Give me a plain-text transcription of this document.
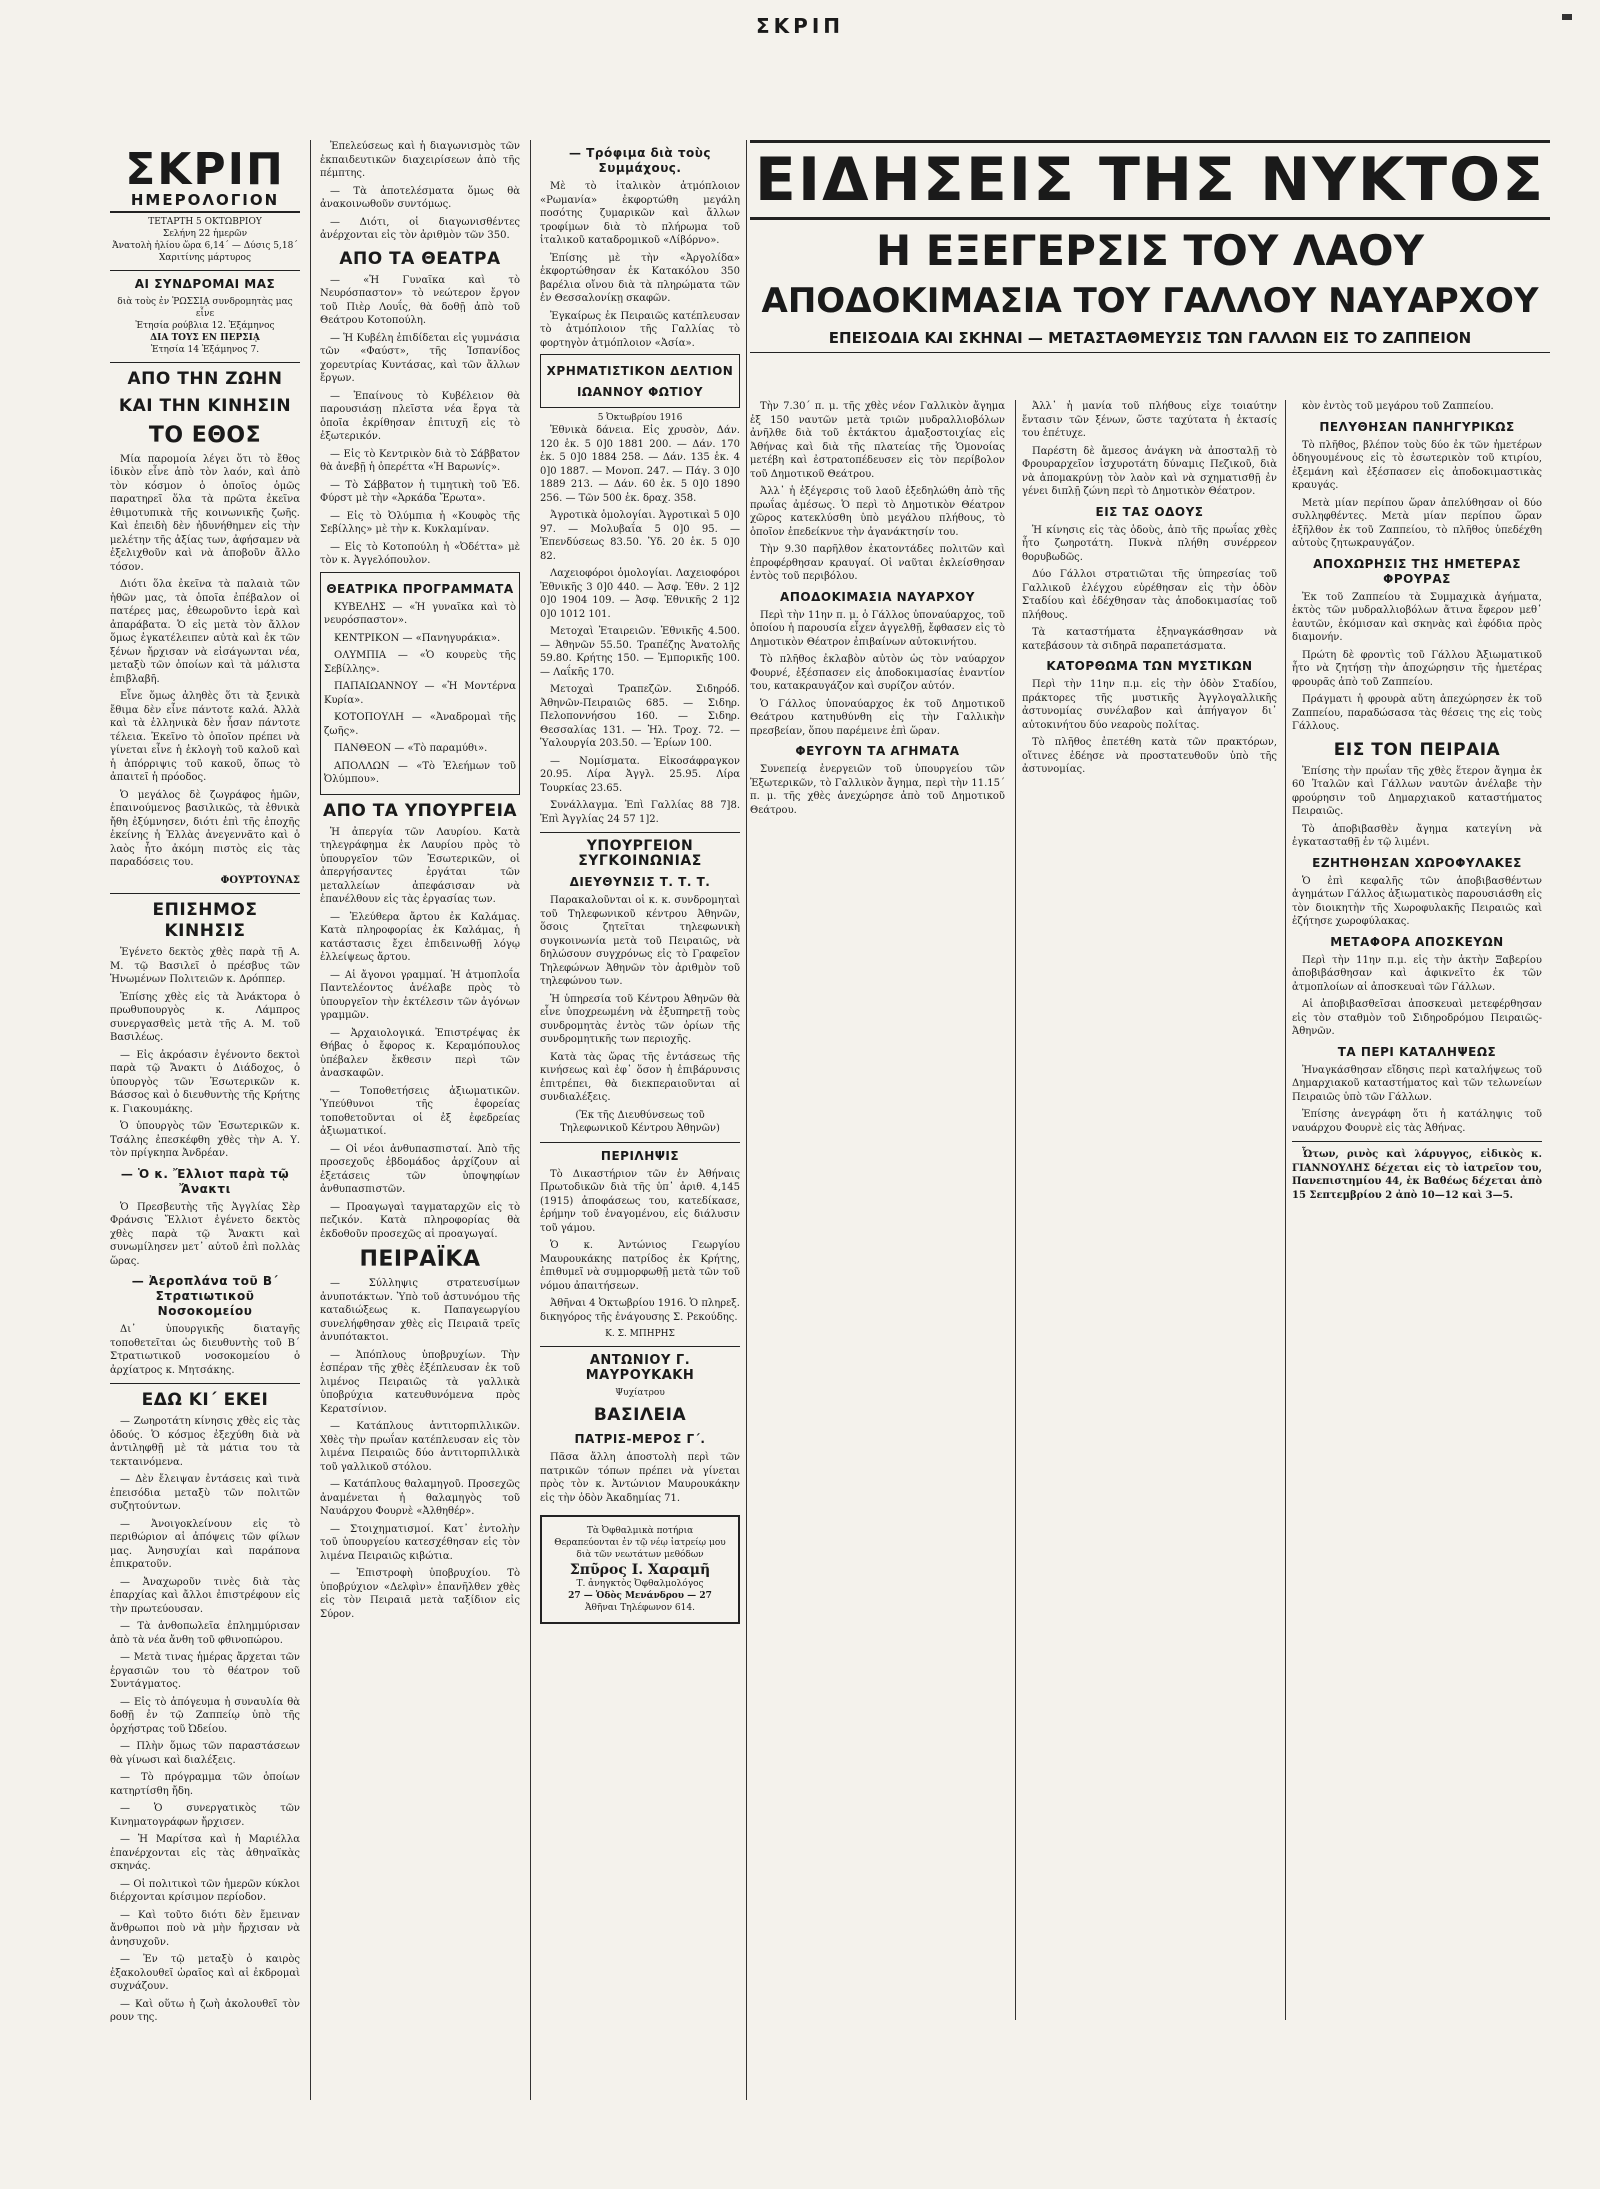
ΣΚΡΙΠ
ΣΚΡΙΠ
ΗΜΕΡΟΛΟΓΙΟΝ
ΤΕΤΑΡΤΗ 5 ΟΚΤΩΒΡΙΟΥ
Σελήνη 22 ἡμερῶν
Ἀνατολὴ ἡλίου ὥρα 6,14΄ — Δύσις 5,18΄
Χαριτίνης μάρτυρος
ΑΙ ΣΥΝΔΡΟΜΑΙ ΜΑΣ
διὰ τοὺς ἐν ῬΩΣΣΙᾼ συνδρομητὰς μας εἶνε
Ἐτησία ρούβλια 12. Ἑξάμηνος
ΔΙΑ ΤΟΥΣ ΕΝ ΠΕΡΣΙᾼ
Ἐτησία 14 Ἑξάμηνος 7.
ΑΠΟ ΤΗΝ ΖΩΗΝ
ΚΑΙ ΤΗΝ ΚΙΝΗΣΙΝ
ΤΟ ΕΘΟΣ

Μία παρομοία λέγει ὅτι τὸ ἔθος ἰδικὸν εἶνε ἀπὸ τὸν λαόν, καὶ ἀπὸ τὸν κόσμον ὁ ὁποῖος ὁμῶς παρατηρεῖ ὅλα τὰ πρῶτα ἐκεῖνα ἐθιμοτυπικὰ τῆς κοινωνικῆς ζωῆς. Καὶ ἐπειδὴ δὲν ἠδυνήθημεν εἰς τὴν μελέτην τῆς ἀξίας των, ἀφήσαμεν νὰ ἐξελιχθοῦν καὶ νὰ ἀποβοῦν ἄλλο τόσον.

Διότι ὅλα ἐκεῖνα τὰ παλαιὰ τῶν ἡθῶν μας, τὰ ὁποῖα ἐπέβαλον οἱ πατέρες μας, ἐθεωροῦντο ἱερὰ καὶ ἀπαράβατα. Ὁ εἰς μετὰ τὸν ἄλλον ὅμως ἐγκατέλειπεν αὐτὰ καὶ ἐκ τῶν ξένων ἤρχισαν νὰ εἰσάγωνται νέα, μεταξὺ τῶν ὁποίων καὶ τὰ μάλιστα ἐπιβλαβῆ.

Εἶνε ὅμως ἀληθὲς ὅτι τὰ ξενικὰ ἔθιμα δὲν εἶνε πάντοτε καλά. Ἀλλὰ καὶ τὰ ἐλληνικὰ δὲν ἦσαν πάντοτε τέλεια. Ἐκεῖνο τὸ ὁποῖον πρέπει νὰ γίνεται εἶνε ἡ ἐκλογὴ τοῦ καλοῦ καὶ ἡ ἀπόρριψις τοῦ κακοῦ, ὅπως τὸ ἀπαιτεῖ ἡ πρόοδος.

Ὁ μεγάλος δὲ ζωγράφος ἡμῶν, ἐπαινούμενος βασιλικῶς, τὰ ἐθνικὰ ἤθη ἐξύμνησεν, διότι ἐπὶ τῆς ἐποχῆς ἐκείνης ἡ Ἑλλὰς ἀνεγεννᾶτο καὶ ὁ λαὸς ἦτο ἀκόμη πιστὸς εἰς τὰς παραδόσεις του.

ΦΟΥΡΤΟΥΝΑΣ
ΕΠΙΣΗΜΟΣ ΚΙΝΗΣΙΣ

Ἐγένετο δεκτὸς χθὲς παρὰ τῇ Α. Μ. τῷ Βασιλεῖ ὁ πρέσβυς τῶν Ἡνωμένων Πολιτειῶν κ. Δρόππερ.

Ἐπίσης χθὲς εἰς τὰ Ἀνάκτορα ὁ πρωθυπουργὸς κ. Λάμπρος συνεργασθεὶς μετὰ τῆς Α. Μ. τοῦ Βασιλέως.

— Εἰς ἀκρόασιν ἐγένοντο δεκτοὶ παρὰ τῷ Ἄνακτι ὁ Διάδοχος, ὁ ὑπουργὸς τῶν Ἐσωτερικῶν κ. Βάσσος καὶ ὁ διευθυντὴς τῆς Κρήτης κ. Γιακουμάκης.

Ὁ ὑπουργὸς τῶν Ἐσωτερικῶν κ. Τσάλης ἐπεσκέφθη χθὲς τὴν Α. Υ. τὸν πρίγκηπα Ἀνδρέαν.

— Ὁ κ. Ἔλλιοτ παρὰ τῷ Ἄνακτι

Ὁ Πρεσβευτὴς τῆς Ἀγγλίας Σὲρ Φράνσις Ἔλλιοτ ἐγένετο δεκτὸς χθὲς παρὰ τῷ Ἄνακτι καὶ συνωμίλησεν μετ᾽ αὐτοῦ ἐπὶ πολλὰς ὥρας.

— Ἀεροπλάνα τοῦ Β΄ Στρατιωτικοῦ Νοσοκομείου

Δι᾽ ὑπουργικῆς διαταγῆς τοποθετεῖται ὡς διευθυντὴς τοῦ Β΄ Στρατιωτικοῦ νοσοκομείου ὁ ἀρχίατρος κ. Μητσάκης.

ΕΔΩ ΚΙ΄ ΕΚΕΙ

— Ζωηροτάτη κίνησις χθὲς εἰς τὰς ὁδούς. Ὁ κόσμος ἐξεχύθη διὰ νὰ ἀντιληφθῇ μὲ τὰ μάτια του τὰ τεκταινόμενα.

— Δὲν ἔλειψαν ἐντάσεις καὶ τινὰ ἐπεισόδια μεταξὺ τῶν πολιτῶν συζητούντων.

— Ἀνοιγοκλείνουν εἰς τὸ περιθώριον αἱ ἀπόψεις τῶν φίλων μας. Ἀνησυχίαι καὶ παράπονα ἐπικρατοῦν.

— Ἀναχωροῦν τινὲς διὰ τὰς ἐπαρχίας καὶ ἄλλοι ἐπιστρέφουν εἰς τὴν πρωτεύουσαν.

— Τὰ ἀνθοπωλεῖα ἐπλημμύρισαν ἀπὸ τὰ νέα ἄνθη τοῦ φθινοπώρου.

— Μετὰ τινας ἡμέρας ἄρχεται τῶν ἐργασιῶν του τὸ θέατρον τοῦ Συντάγματος.

— Εἰς τὸ ἀπόγευμα ἡ συναυλία θὰ δοθῇ ἐν τῷ Ζαππείῳ ὑπὸ τῆς ὀρχήστρας τοῦ Ὠδείου.

— Πλὴν ὅμως τῶν παραστάσεων θὰ γίνωσι καὶ διαλέξεις.

— Τὸ πρόγραμμα τῶν ὁποίων κατηρτίσθη ἤδη.

— Ὁ συνεργατικὸς τῶν Κινηματογράφων ἤρχισεν.

— Ἡ Μαρίτσα καὶ ἡ Μαριέλλα ἐπανέρχονται εἰς τὰς ἀθηναϊκὰς σκηνάς.

— Οἱ πολιτικοὶ τῶν ἡμερῶν κύκλοι διέρχονται κρίσιμον περίοδον.

— Καὶ τοῦτο διότι δὲν ἔμειναν ἄνθρωποι ποὺ νὰ μὴν ἤρχισαν νὰ ἀνησυχοῦν.

— Ἐν τῷ μεταξὺ ὁ καιρὸς ἐξακολουθεῖ ὡραῖος καὶ αἱ ἐκδρομαὶ συχνάζουν.

— Καὶ οὕτω ἡ ζωὴ ἀκολουθεῖ τὸν ρουν της.

Ἐπελεύσεως καὶ ἡ διαγωνισμὸς τῶν ἐκπαιδευτικῶν διαχειρίσεων ἀπὸ τῆς πέμπτης.

— Τὰ ἀποτελέσματα ὅμως θὰ ἀνακοινωθοῦν συντόμως.

— Διότι, οἱ διαγωνισθέντες ἀνέρχονται εἰς τὸν ἀριθμὸν τῶν 350.

ΑΠΟ ΤΑ ΘΕΑΤΡΑ

— «Ἡ Γυναῖκα καὶ τὸ Νευρόσπαστον» τὸ νεώτερον ἔργον τοῦ Πιὲρ Λουΐς, θὰ δοθῇ ἀπὸ τοῦ Θεάτρου Κοτοπούλη.

— Ἡ Κυβέλη ἐπιδίδεται εἰς γυμνάσια τῶν «Φαύστ», τῆς Ἰσπανίδος χορευτρίας Κυντάσας, καὶ τῶν ἄλλων ἔργων.

— Ἐπαίνους τὸ Κυβέλειον θὰ παρουσιάσῃ πλεῖστα νέα ἔργα τὰ ὁποῖα ἐκρίθησαν ἐπιτυχῆ εἰς τὸ ἐξωτερικόν.

— Εἰς τὸ Κεντρικὸν διὰ τὸ Σάββατον θὰ ἀνεβῇ ἡ ὀπερέττα «Ἡ Βαρωνίς».

— Τὸ Σάββατον ἡ τιμητικὴ τοῦ Ἐδ. Φύρστ μὲ τὴν «Ἀρκάδα Ἔρωτα».

— Εἰς τὸ Ὀλύμπια ἡ «Κουφὸς τῆς Σεβίλλης» μὲ τὴν κ. Κυκλαμίναν.

— Εἰς τὸ Κοτοπούλη ἡ «Ὀδέττα» μὲ τὸν κ. Ἀγγελόπουλον.

ΘΕΑΤΡΙΚΑ ΠΡΟΓΡΑΜΜΑΤΑ

ΚΥΒΕΛΗΣ — «Ἡ γυναῖκα καὶ τὸ νευρόσπαστον».

ΚΕΝΤΡΙΚΟΝ — «Πανηγυράκια».

ΟΛΥΜΠΙΑ — «Ὁ κουρεὺς τῆς Σεβίλλης».

ΠΑΠΑΙΩΑΝΝΟΥ — «Ἡ Μοντέρνα Κυρία».

ΚΟΤΟΠΟΥΛΗ — «Ἀναδρομαὶ τῆς ζωῆς».

ΠΑΝΘΕΟΝ — «Τὸ παραμύθι».

ΑΠΟΛΛΩΝ — «Τὸ Ἐλεήμων τοῦ Ὀλύμπου».

ΑΠΟ ΤΑ ΥΠΟΥΡΓΕΙΑ

Ἡ ἀπεργία τῶν Λαυρίου. Κατὰ τηλεγράφημα ἐκ Λαυρίου πρὸς τὸ ὑπουργεῖον τῶν Ἐσωτερικῶν, οἱ ἀπεργήσαντες ἐργάται τῶν μεταλλείων ἀπεφάσισαν νὰ ἐπανέλθουν εἰς τὰς ἐργασίας των.

— Ἐλεύθερα ἄρτου ἐκ Καλάμας. Κατὰ πληροφορίας ἐκ Καλάμας, ἡ κατάστασις ἔχει ἐπιδεινωθῇ λόγῳ ἐλλείψεως ἄρτου.

— Αἱ ἄγονοι γραμμαί. Ἡ ἀτμοπλοΐα Παντελέοντος ἀνέλαβε πρὸς τὸ ὑπουργεῖον τὴν ἐκτέλεσιν τῶν ἀγόνων γραμμῶν.

— Ἀρχαιολογικά. Ἐπιστρέψας ἐκ Θήβας ὁ ἔφορος κ. Κεραμόπουλος ὑπέβαλεν ἔκθεσιν περὶ τῶν ἀνασκαφῶν.

— Τοποθετήσεις ἀξιωματικῶν. Ὑπεύθυνοι τῆς ἐφορείας τοποθετοῦνται οἱ ἐξ ἐφεδρείας ἀξιωματικοί.

— Οἱ νέοι ἀνθυπασπισταί. Ἀπὸ τῆς προσεχοῦς ἑβδομάδος ἀρχίζουν αἱ ἐξετάσεις τῶν ὑποψηφίων ἀνθυπασπιστῶν.

— Προαγωγαὶ ταγματαρχῶν εἰς τὸ πεζικόν. Κατὰ πληροφορίας θὰ ἐκδοθοῦν προσεχῶς αἱ προαγωγαί.

ΠΕΙΡΑΪΚΑ

— Σύλληψις στρατευσίμων ἀνυποτάκτων. Ὑπὸ τοῦ ἀστυνόμου τῆς καταδιώξεως κ. Παπαγεωργίου συνελήφθησαν χθὲς εἰς Πειραιᾶ τρεῖς ἀνυπότακτοι.

— Ἀπόπλους ὑποβρυχίων. Τὴν ἑσπέραν τῆς χθὲς ἐξέπλευσαν ἐκ τοῦ λιμένος Πειραιῶς τὰ γαλλικὰ ὑποβρύχια κατευθυνόμενα πρὸς Κερατσίνιον.

— Κατάπλους ἀντιτορπιλλικῶν. Χθὲς τὴν πρωΐαν κατέπλευσαν εἰς τὸν λιμένα Πειραιῶς δύο ἀντιτορπιλλικὰ τοῦ γαλλικοῦ στόλου.

— Κατάπλους θαλαμηγοῦ. Προσεχῶς ἀναμένεται ἡ θαλαμηγὸς τοῦ Ναυάρχου Φουρνὲ «Ἀλθηθέρ».

— Στοιχηματισμοί. Κατ᾽ ἐντολὴν τοῦ ὑπουργείου κατεσχέθησαν εἰς τὸν λιμένα Πειραιῶς κιβώτια.

— Ἐπιστροφὴ ὑποβρυχίου. Τὸ ὑποβρύχιον «Δελφὶν» ἐπανῆλθεν χθὲς εἰς τὸν Πειραιᾶ μετὰ ταξίδιον εἰς Σύρον.

— Τρόφιμα διὰ τοὺς Συμμάχους.

Μὲ τὸ ἰταλικὸν ἀτμόπλοιον «Ρωμανία» ἐκφορτώθη μεγάλη ποσότης ζυμαρικῶν καὶ ἄλλων τροφίμων διὰ τὸ πλήρωμα τοῦ ἰταλικοῦ καταδρομικοῦ «Λίβόρνο».

Ἐπίσης μὲ τὴν «Ἀργολίδα» ἐκφορτώθησαν ἐκ Κατακόλου 350 βαρέλια οἴνου διὰ τὰ πληρώματα τῶν ἐν Θεσσαλονίκῃ σκαφῶν.

Ἐγκαίρως ἐκ Πειραιῶς κατέπλευσαν τὸ ἀτμόπλοιον τῆς Γαλλίας τὸ φορτηγὸν ἀτμόπλοιον «Ἀσία».

ΧΡΗΜΑΤΙΣΤΙΚΟΝ ΔΕΛΤΙΟΝ
ΙΩΑΝΝΟΥ ΦΩΤΙΟΥ
5 Ὀκτωβρίου 1916

Ἐθνικὰ δάνεια. Εἰς χρυσὸν, Δάν. 120 ἑκ. 5 0]0 1881 200. — Δάν. 170 ἑκ. 5 0]0 1884 258. — Δάν. 135 ἑκ. 4 0]0 1887. — Μονοπ. 247. — Πάγ. 3 0]0 1889 213. — Δάν. 60 ἑκ. 5 0]0 1890 256. — Τῶν 500 ἑκ. δραχ. 358.

Ἀγροτικὰ ὁμολογίαι. Ἀγροτικαὶ 5 0]0 97. — Μολυβαΐα 5 0]0 95. — Ἐπενδύσεως 83.50. Ὑδ. 20 ἑκ. 5 0]0 82.

Λαχειοφόροι ὁμολογίαι. Λαχειοφόροι Ἐθνικῆς 3 0]0 440. — Ἀσφ. Ἐθν. 2 1]2 0]0 1904 109. — Ἀσφ. Ἐθνικῆς 2 1]2 0]0 1012 101.

Μετοχαὶ Ἐταιρειῶν. Ἐθνικῆς 4.500. — Ἀθηνῶν 55.50. Τραπέζης Ἀνατολῆς 59.80. Κρήτης 150. — Ἐμπορικῆς 100. — Λαΐκῆς 170.

Μετοχαὶ Τραπεζῶν. Σιδηρόδ. Ἀθηνῶν-Πειραιῶς 685. — Σιδηρ. Πελοποννήσου 160. — Σιδηρ. Θεσσαλίας 131. — Ἡλ. Τροχ. 72. — Ὑαλουργία 203.50. — Ἐρίων 100.

— Νομίσματα. Εἰκοσάφραγκον 20.95. Λίρα Ἀγγλ. 25.95. Λίρα Τουρκίας 23.65.

Συνάλλαγμα. Ἐπὶ Γαλλίας 88 7]8. Ἐπὶ Ἀγγλίας 24 57 1]2.

ΥΠΟΥΡΓΕΙΟΝ ΣΥΓΚΟΙΝΩΝΙΑΣ
ΔΙΕΥΘΥΝΣΙΣ Τ. Τ. Τ.

Παρακαλοῦνται οἱ κ. κ. συνδρομηταὶ τοῦ Τηλεφωνικοῦ κέντρου Ἀθηνῶν, ὅσοις ζητεῖται τηλεφωνικὴ συγκοινωνία μετὰ τοῦ Πειραιῶς, νὰ δηλώσουν συγχρόνως εἰς τὸ Γραφεῖον Τηλεφώνων Ἀθηνῶν τὸν ἀριθμὸν τοῦ τηλεφώνου των.

Ἡ ὑπηρεσία τοῦ Κέντρου Ἀθηνῶν θὰ εἶνε ὑποχρεωμένη νὰ ἐξυπηρετῇ τοὺς συνδρομητὰς ἐντὸς τῶν ὁρίων τῆς συνδρομητικῆς των περιοχῆς.

Κατὰ τὰς ὥρας τῆς ἐντάσεως τῆς κινήσεως καὶ ἐφ᾽ ὅσον ἡ ἐπιβάρυνσις ἐπιτρέπει, θὰ διεκπεραιοῦνται αἱ συνδιαλέξεις.

(Ἐκ τῆς Διευθύνσεως τοῦ Τηλεφωνικοῦ Κέντρου Ἀθηνῶν)

ΠΕΡΙΛΗΨΙΣ

Τὸ Δικαστήριον τῶν ἐν Ἀθήναις Πρωτοδικῶν διὰ τῆς ὑπ᾽ ἀριθ. 4,145 (1915) ἀποφάσεως του, κατεδίκασε, ἐρήμην τοῦ ἐναγομένου, εἰς διάλυσιν τοῦ γάμου.

Ὁ κ. Ἀντώνιος Γεωργίου Μαυρουκάκης πατρίδος ἐκ Κρήτης, ἐπιθυμεῖ νὰ συμμορφωθῇ μετὰ τῶν τοῦ νόμου ἀπαιτήσεων.

Ἀθῆναι 4 Ὀκτωβρίου 1916. Ὁ πληρεξ. δικηγόρος τῆς ἐνάγουσης Σ. Ρεκούδης.

Κ. Σ. ΜΠΗΡΗΣ
ΑΝΤΩΝΙΟΥ Γ. ΜΑΥΡΟΥΚΑΚΗ
Ψυχίατρου
ΒΑΣΙΛΕΙΑ
ΠΑΤΡΙΣ-ΜΕΡΟΣ Γ΄.

Πᾶσα ἄλλη ἀποστολὴ περὶ τῶν πατρικῶν τόπων πρέπει νὰ γίνεται πρὸς τὸν κ. Ἀντώνιον Μαυρουκάκην εἰς τὴν ὁδὸν Ἀκαδημίας 71.

Τὰ Ὀφθαλμικὰ ποτήρια
Θεραπεύονται ἐν τῷ νέῳ ἰατρείῳ μου
διὰ τῶν νεωτάτων μεθόδων
Σπῦρος Ι. Χαραμῆ
Τ. ἀνηγκτὸς Ὀφθαλμολόγος
27 — Ὁδὸς Μενάνδρου — 27
Ἀθῆναι Τηλέφωνον 614.
ΕΙΔΗΣΕΙΣ ΤΗΣ ΝΥΚΤΟΣ
Η ΕΞΕΓΕΡΣΙΣ ΤΟΥ ΛΑΟΥ
ΑΠΟΔΟΚΙΜΑΣΙΑ ΤΟΥ ΓΑΛΛΟΥ ΝΑΥΑΡΧΟΥ
ΕΠΕΙΣΟΔΙΑ ΚΑΙ ΣΚΗΝΑΙ — ΜΕΤΑΣΤΑΘΜΕΥΣΙΣ ΤΩΝ ΓΑΛΛΩΝ ΕΙΣ ΤΟ ΖΑΠΠΕΙΟΝ

Τὴν 7.30΄ π. μ. τῆς χθὲς νέον Γαλλικὸν ἄγημα ἐξ 150 ναυτῶν μετὰ τριῶν μυδραλλιοβόλων ἀνῆλθε διὰ τοῦ ἐκτάκτου ἀμαξοστοιχίας εἰς Ἀθήνας καὶ διὰ τῆς πλατείας τῆς Ὁμονοίας μετέβη καὶ ἐστρατοπέδευσεν εἰς τὸν περίβολον τοῦ Δημοτικοῦ Θεάτρου.

Ἀλλ᾽ ἡ ἐξέγερσις τοῦ λαοῦ ἐξεδηλώθη ἀπὸ τῆς πρωΐας ἀμέσως. Ὁ περὶ τὸ Δημοτικὸν Θέατρον χῶρος κατεκλύσθη ὑπὸ μεγάλου πλήθους, τὸ ὁποῖον ἐπεδείκνυε τὴν ἀγανάκτησίν του.

Τὴν 9.30 παρῆλθον ἐκατοντάδες πολιτῶν καὶ ἐπροφέρθησαν κραυγαί. Οἱ ναῦται ἐκλείσθησαν ἐντὸς τοῦ περιβόλου.

ΑΠΟΔΟΚΙΜΑΣΙΑ ΝΑΥΑΡΧΟΥ

Περὶ τὴν 11ην π. μ. ὁ Γάλλος ὑποναύαρχος, τοῦ ὁποίου ἡ παρουσία εἶχεν ἀγγελθῇ, ἔφθασεν εἰς τὸ Δημοτικὸν Θέατρον ἐπιβαίνων αὐτοκινήτου.

Τὸ πλῆθος ἐκλαβὸν αὐτὸν ὡς τὸν ναύαρχον Φουρνέ, ἐξέσπασεν εἰς ἀποδοκιμασίας ἐναντίον του, κατακραυγάζον καὶ συρίζον αὐτόν.

Ὁ Γάλλος ὑποναύαρχος ἐκ τοῦ Δημοτικοῦ Θεάτρου κατηυθύνθη εἰς τὴν Γαλλικὴν πρεσβείαν, ὅπου παρέμεινε ἐπὶ ὥραν.

ΦΕΥΓΟΥΝ ΤΑ ΑΓΗΜΑΤΑ

Συνεπείᾳ ἐνεργειῶν τοῦ ὑπουργείου τῶν Ἐξωτερικῶν, τὸ Γαλλικὸν ἄγημα, περὶ τὴν 11.15΄ π. μ. τῆς χθὲς ἀνεχώρησε ἀπὸ τοῦ Δημοτικοῦ Θεάτρου.

Ἀλλ᾽ ἡ μανία τοῦ πλήθους εἶχε τοιαύτην ἔντασιν τῶν ξένων, ὥστε ταχύτατα ἡ ἐκτασίς του ἐπέτυχε.

Παρέστη δὲ ἄμεσος ἀνάγκη νὰ ἀποσταλῇ τὸ Φρουραρχεῖον ἰσχυροτάτη δύναμις Πεζικοῦ, διὰ νὰ ἀπομακρύνῃ τὸν λαὸν καὶ νὰ σχηματισθῇ ἐν γένει διπλῇ ζώνη περὶ τὸ Δημοτικὸν Θέατρον.

ΕΙΣ ΤΑΣ ΟΔΟΥΣ

Ἡ κίνησις εἰς τὰς ὁδοὺς, ἀπὸ τῆς πρωΐας χθὲς ἦτο ζωηροτάτη. Πυκνὰ πλήθη συνέρρεον θορυβωδῶς.

Δύο Γάλλοι στρατιῶται τῆς ὑπηρεσίας τοῦ Γαλλικοῦ ἐλέγχου εὑρέθησαν εἰς τὴν ὁδὸν Σταδίου καὶ ἐδέχθησαν τὰς ἀποδοκιμασίας τοῦ πλήθους.

Τὰ καταστήματα ἐξηναγκάσθησαν νὰ κατεβάσουν τὰ σιδηρᾶ παραπετάσματα.

ΚΑΤΟΡΘΩΜΑ ΤΩΝ ΜΥΣΤΙΚΩΝ

Περὶ τὴν 11ην π.μ. εἰς τὴν ὁδὸν Σταδίου, πράκτορες τῆς μυστικῆς Ἀγγλογαλλικῆς ἀστυνομίας συνέλαβον καὶ ἀπήγαγον δι᾽ αὐτοκινήτου δύο νεαροὺς πολίτας.

Τὸ πλῆθος ἐπετέθη κατὰ τῶν πρακτόρων, οἵτινες ἐδέησε νὰ προστατευθοῦν ὑπὸ τῆς ἀστυνομίας.

κὸν ἐντὸς τοῦ μεγάρου τοῦ Ζαππείου.

ΠΕΛΥΘΗΣΑΝ ΠΑΝΗΓΥΡΙΚΩΣ

Τὸ πλῆθος, βλέπον τοὺς δύο ἐκ τῶν ἡμετέρων ὁδηγουμένους εἰς τὸ ἐσωτερικὸν τοῦ κτιρίου, ἐξεμάνη καὶ ἐξέσπασεν εἰς ἀποδοκιμαστικὰς κραυγάς.

Μετὰ μίαν περίπου ὥραν ἀπελύθησαν οἱ δύο συλληφθέντες. Μετὰ μίαν περίπου ὥραν ἐξῆλθον ἐκ τοῦ Ζαππείου, τὸ πλῆθος ὑπεδέχθη αὐτοὺς ζητωκραυγάζον.

ΑΠΟΧΩΡΗΣΙΣ ΤΗΣ ΗΜΕΤΕΡΑΣ ΦΡΟΥΡΑΣ

Ἐκ τοῦ Ζαππείου τὰ Συμμαχικὰ ἀγήματα, ἐκτὸς τῶν μυδραλλιοβόλων ἄτινα ἔφερον μεθ᾽ ἑαυτῶν, ἐκόμισαν καὶ σκηνὰς καὶ ἐφόδια πρὸς διαμονήν.

Πρώτη δὲ φροντὶς τοῦ Γάλλου Ἀξιωματικοῦ ἦτο νὰ ζητήσῃ τὴν ἀποχώρησιν τῆς ἡμετέρας φρουρᾶς ἀπὸ τοῦ Ζαππείου.

Πράγματι ἡ φρουρὰ αὕτη ἀπεχώρησεν ἐκ τοῦ Ζαππείου, παραδώσασα τὰς θέσεις της εἰς τοὺς Γάλλους.

ΕΙΣ ΤΟΝ ΠΕΙΡΑΙΑ

Ἐπίσης τὴν πρωΐαν τῆς χθὲς ἕτερον ἄγημα ἐκ 60 Ἰταλῶν καὶ Γάλλων ναυτῶν ἀνέλαβε τὴν φρούρησιν τοῦ Δημαρχιακοῦ καταστήματος Πειραιῶς.

Τὸ ἀποβιβασθὲν ἄγημα κατεγίνη νὰ ἐγκατασταθῇ ἐν τῷ λιμένι.

ΕΖΗΤΗΘΗΣΑΝ ΧΩΡΟΦΥΛΑΚΕΣ

Ὁ ἐπὶ κεφαλῆς τῶν ἀποβιβασθέντων ἀγημάτων Γάλλος ἀξιωματικὸς παρουσιάσθη εἰς τὸν διοικητὴν τῆς Χωροφυλακῆς Πειραιῶς καὶ ἐζήτησε χωροφύλακας.

ΜΕΤΑΦΟΡΑ ΑΠΟΣΚΕΥΩΝ

Περὶ τὴν 11ην π.μ. εἰς τὴν ἀκτὴν Ξαβερίου ἀποβιβάσθησαν καὶ ἀφικνεῖτο ἐκ τῶν ἀτμοπλοίων αἱ ἀποσκευαὶ τῶν Γάλλων.

Αἱ ἀποβιβασθεῖσαι ἀποσκευαὶ μετεφέρθησαν εἰς τὸν σταθμὸν τοῦ Σιδηροδρόμου Πειραιῶς-Ἀθηνῶν.

ΤΑ ΠΕΡΙ ΚΑΤΑΛΗΨΕΩΣ

Ἠναγκάσθησαν εἴδησις περὶ καταλήψεως τοῦ Δημαρχιακοῦ καταστήματος καὶ τῶν τελωνείων Πειραιῶς ὑπὸ τῶν Γάλλων.

Ἐπίσης ἀνεγράφη ὅτι ἠ κατάληψις τοῦ ναυάρχου Φουρνὲ εἰς τὰς Ἀθήνας.

Ὦτων, ρινὸς καὶ λάρυγγος, εἰδικὸς κ. ΓΙΑΝΝΟΥΛΗΣ δέχεται εἰς τὸ ἰατρεῖον του, Πανεπιστημίου 44, ἐκ Βαθέως δέχεται ἀπὸ 15 Σεπτεμβρίου 2 ἀπὸ 10—12 καὶ 3—5.
